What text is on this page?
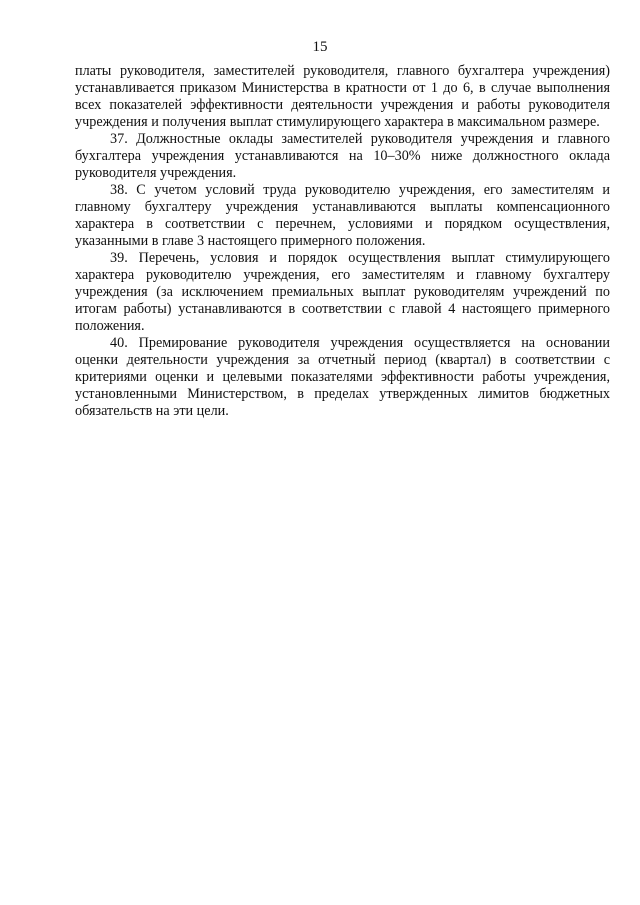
15

платы руководителя, заместителей руководителя, главного бухгалтера учреждения) устанавливается приказом Министерства в кратности от 1 до 6, в случае выполнения всех показателей эффективности деятельности учреждения и работы руководителя учреждения и получения выплат стимулирующего характера в максимальном размере.

37. Должностные оклады заместителей руководителя учреждения и главного бухгалтера учреждения устанавливаются на 10–30% ниже должностного оклада руководителя учреждения.

38. С учетом условий труда руководителю учреждения, его заместителям и главному бухгалтеру учреждения устанавливаются выплаты компенсационного характера в соответствии с перечнем, условиями и порядком осуществления, указанными в главе 3 настоящего примерного положения.

39. Перечень, условия и порядок осуществления выплат стимулирующего характера руководителю учреждения, его заместителям и главному бухгалтеру учреждения (за исключением премиальных выплат руководителям учреждений по итогам работы) устанавливаются в соответствии с главой 4 настоящего примерного положения.

40. Премирование руководителя учреждения осуществляется на основании оценки деятельности учреждения за отчетный период (квартал) в соответствии с критериями оценки и целевыми показателями эффективности работы учреждения, установленными Министерством, в пределах утвержденных лимитов бюджетных обязательств на эти цели.
